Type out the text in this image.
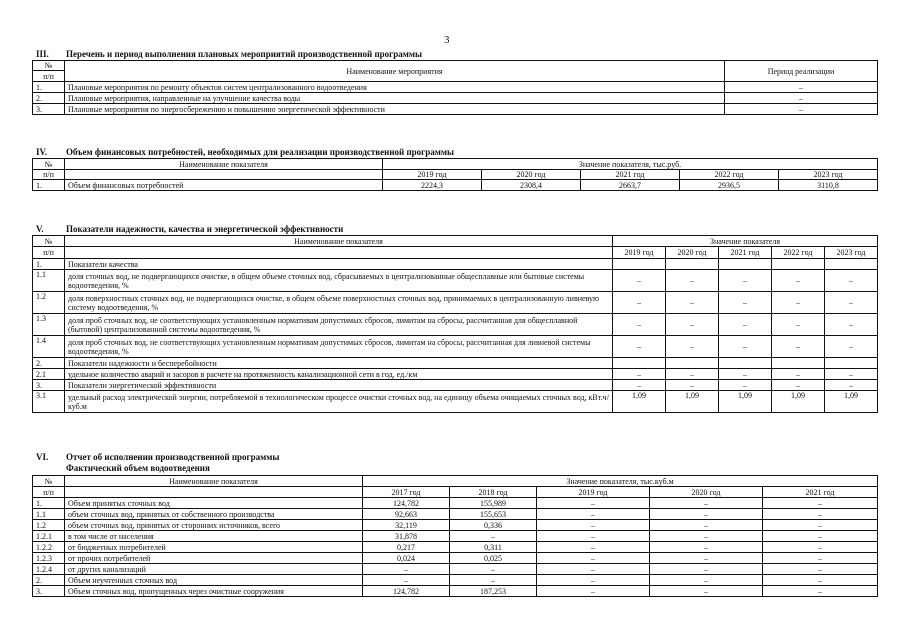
3
III. Перечень и период выполнения плановых мероприятий производственной программы
№	Наименование мероприятия	Период реализации
п/п		
1.	Плановые мероприятия по ремонту объектов систем централизованного водоотведения	–
2.	Плановые мероприятия, направленные на улучшение качества воды	–
3.	Плановые мероприятия по энергосбережению и повышению энергетической эффективности	–
IV. Объем финансовых потребностей, необходимых для реализации производственной программы
№	Наименование показателя	Значение показателя, тыс.руб.				
п/п		2019 год	2020 год	2021 год	2022 год	2023 год
1.	Объем финансовых потребностей	2224,3	2308,4	2663,7	2936,5	3110,8
V. Показатели надежности, качества и энергетической эффективности
№	Наименование показателя	Значение показателя				
п/п		2019 год	2020 год	2021 год	2022 год	2023 год
1.	Показатели качества					
1.1	доля сточных вод, не подвергающихся очистке, в общем объеме сточных вод, сбрасываемых в централизованные общесплавные или бытовые системы водоотведения, %	–	–	–	–	–
1.2	доля поверхностных сточных вод, не подвергающихся очистке, в общем объеме поверхностных сточных вод, принимаемых в централизованную ливневую систему водоотведения, %	–	–	–	–	–
1.3	доля проб сточных вод, не соответствующих установленным нормативам допустимых сбросов, лимитам на сбросы, рассчитанная для общесплавной (бытовой) централизованной системы водоотведения, %	–	–	–	–	–
1.4	доля проб сточных вод, не соответствующих установленным нормативам допустимых сбросов, лимитам на сбросы, рассчитанная для ливневой системы водоотведения, %	–	–	–	–	–
2.	Показатели надежности и бесперебойности					
2.1	удельное количество аварий и засоров в расчете на протяженность канализационной сети в год, ед./км	–	–	–	–	–
3.	Показатели энергетической эффективности	–	–	–	–	–
3.1	удельный расход электрической энергии, потребляемой в технологическом процессе очистки сточных вод, на единицу объема очищаемых сточных вод, кВт.ч/куб.м	1,09	1,09	1,09	1,09	1,09
VI. Отчет об исполнении производственной программы
Фактический объем водоотведения
№	Наименование показателя	Значение показателя, тыс.куб.м				
п/п		2017 год	2018 год	2019 год	2020 год	2021 год
1.	Объем принятых сточных вод	124,782	155,989	–	–	–
1.1	объем сточных вод, принятых от собственного производства	92,663	155,653	–	–	–
1.2	объем сточных вод, принятых от сторонних источников, всего	32,119	0,336	–	–	–
1.2.1	в том числе от населения	31,878	–	–	–	–
1.2.2	от бюджетных потребителей	0,217	0,311	–	–	–
1.2.3	от прочих потребителей	0,024	0,025	–	–	–
1.2.4	от других канализаций	–	–	–	–	–
2.	Объем неучтенных сточных вод	–	–	–	–	–
3.	Объем сточных вод, пропущенных через очистные сооружения	124,782	187,253	–	–	–
